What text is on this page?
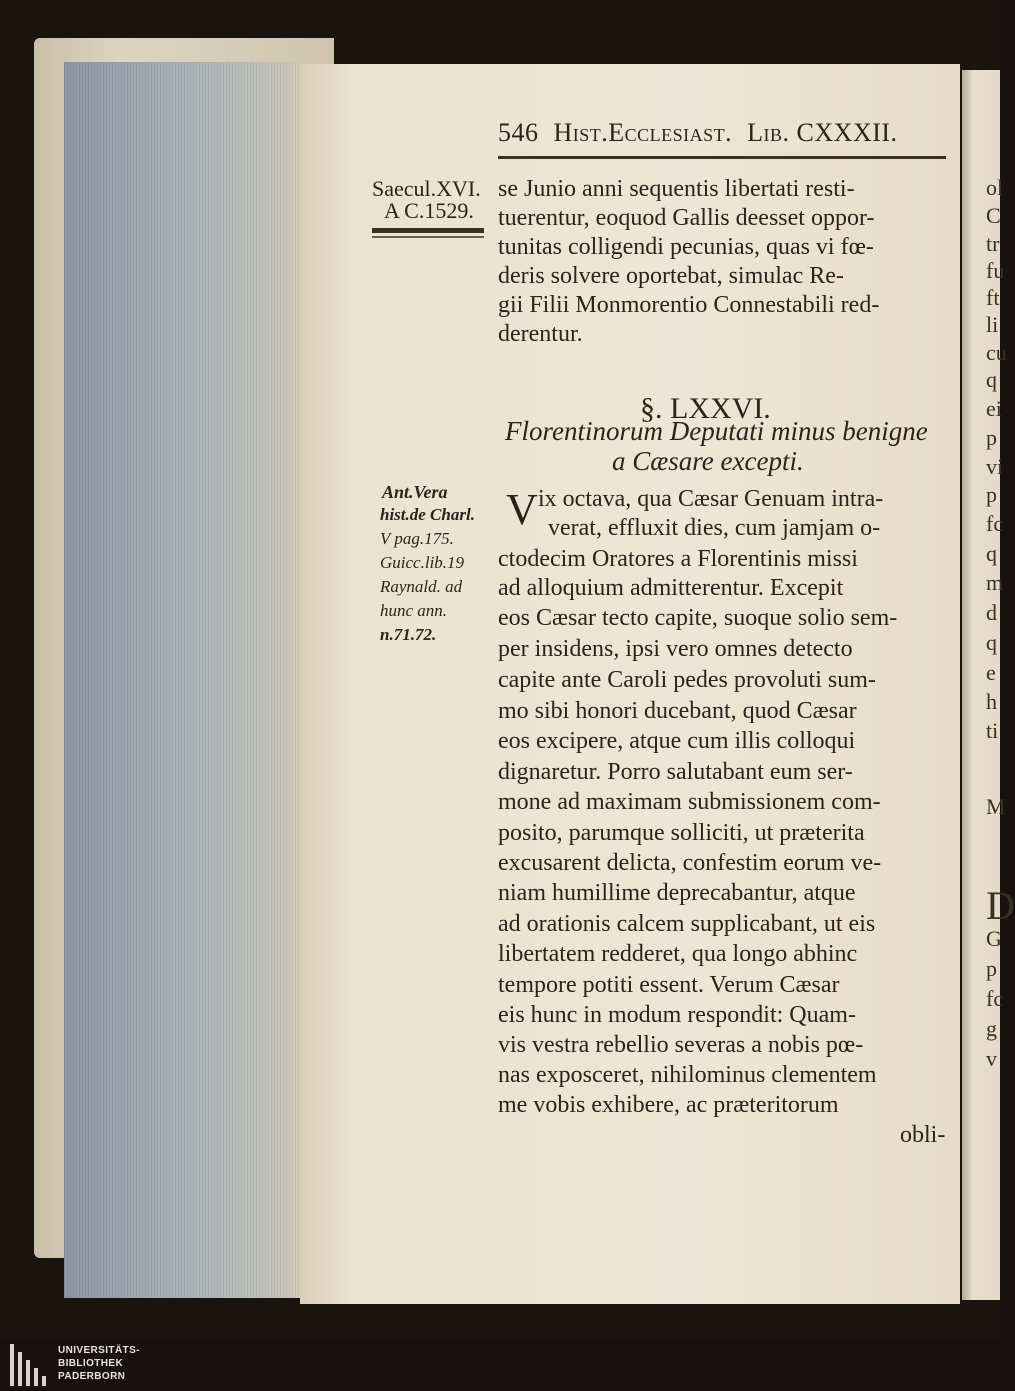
ol
C
tr
fu
ft
li
cu
q
ei
p
vi
p
fc
q
m
d
q
e
h
ti
M
D
G
p
fc
g
v
546 Hist.Ecclesiast. Lib. CXXXII.
Saecul.XVI.
A C.1529.
Ant.Vera
hist.de Charl.
V pag.175.
Guicc.lib.19
Raynald. ad
hunc ann.
n.71.72.
se Junio anni sequentis libertati resti-
tuerentur, eoquod Gallis deesset oppor-
tunitas colligendi pecunias, quas vi fœ-
deris solvere oportebat, simulac Re-
gii Filii Monmorentio Connestabili red-
derentur.
§. LXXVI.
Florentinorum Deputati minus benigne
a Cæsare excepti.
V ix octava, qua Cæsar Genuam intra-
verat, effluxit dies, cum jamjam o-
ctodecim Oratores a Florentinis missi
ad alloquium admitterentur. Excepit
eos Cæsar tecto capite, suoque solio sem-
per insidens, ipsi vero omnes detecto
capite ante Caroli pedes provoluti sum-
mo sibi honori ducebant, quod Cæsar
eos excipere, atque cum illis colloqui
dignaretur. Porro salutabant eum ser-
mone ad maximam submissionem com-
posito, parumque solliciti, ut præterita
excusarent delicta, confestim eorum ve-
niam humillime deprecabantur, atque
ad orationis calcem supplicabant, ut eis
libertatem redderet, qua longo abhinc
tempore potiti essent. Verum Cæsar
eis hunc in modum respondit: Quam-
vis vestra rebellio severas a nobis pœ-
nas exposceret, nihilominus clementem
me vobis exhibere, ac præteritorum
obli-
UNIVERSITÄTS-
BIBLIOTHEK
PADERBORN
